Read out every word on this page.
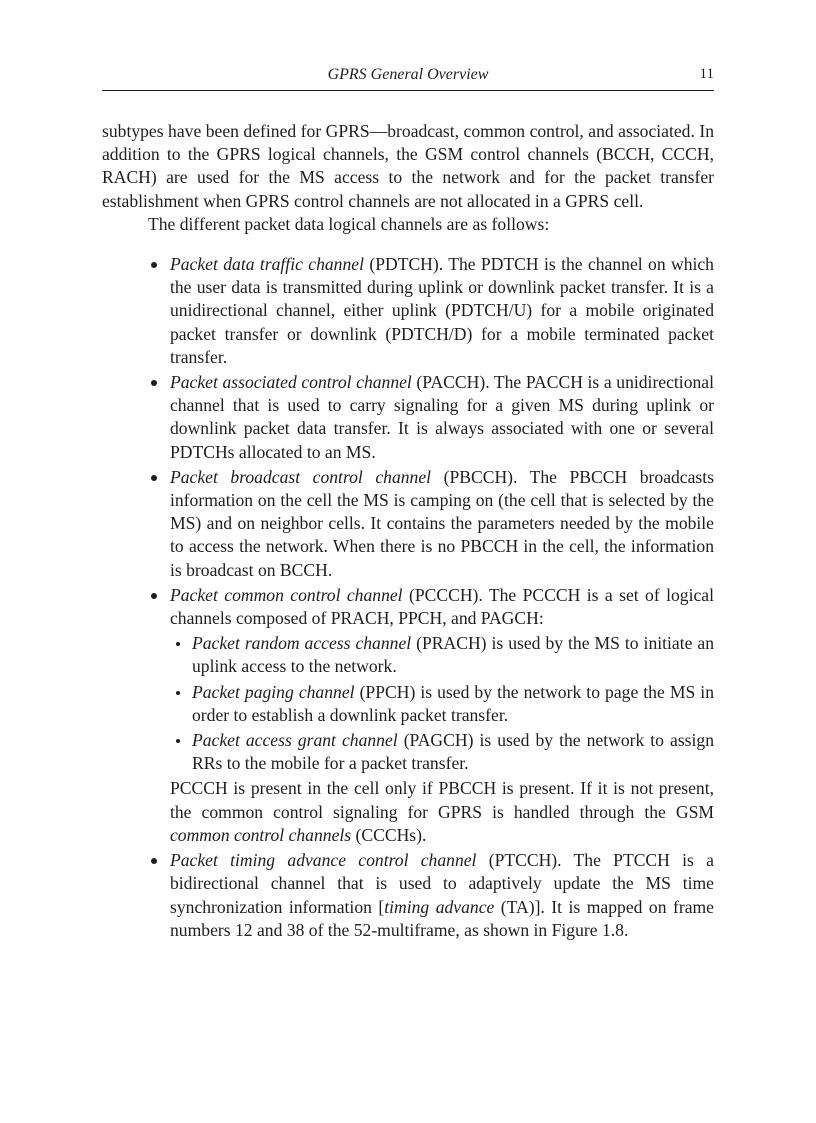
GPRS General Overview	11

subtypes have been defined for GPRS—broadcast, common control, and associated. In addition to the GPRS logical channels, the GSM control channels (BCCH, CCCH, RACH) are used for the MS access to the network and for the packet transfer establishment when GPRS control channels are not allocated in a GPRS cell.

The different packet data logical channels are as follows:

Packet data traffic channel (PDTCH). The PDTCH is the channel on which the user data is transmitted during uplink or downlink packet transfer. It is a unidirectional channel, either uplink (PDTCH/U) for a mobile originated packet transfer or downlink (PDTCH/D) for a mobile terminated packet transfer.
Packet associated control channel (PACCH). The PACCH is a unidirectional channel that is used to carry signaling for a given MS during uplink or downlink packet data transfer. It is always associated with one or several PDTCHs allocated to an MS.
Packet broadcast control channel (PBCCH). The PBCCH broadcasts information on the cell the MS is camping on (the cell that is selected by the MS) and on neighbor cells. It contains the parameters needed by the mobile to access the network. When there is no PBCCH in the cell, the information is broadcast on BCCH.
Packet common control channel (PCCCH). The PCCCH is a set of logical channels composed of PRACH, PPCH, and PAGCH:
Packet random access channel (PRACH) is used by the MS to initiate an uplink access to the network.
Packet paging channel (PPCH) is used by the network to page the MS in order to establish a downlink packet transfer.
Packet access grant channel (PAGCH) is used by the network to assign RRs to the mobile for a packet transfer.

PCCCH is present in the cell only if PBCCH is present. If it is not present, the common control signaling for GPRS is handled through the GSM common control channels (CCCHs).

Packet timing advance control channel (PTCCH). The PTCCH is a bidirectional channel that is used to adaptively update the MS time synchronization information [timing advance (TA)]. It is mapped on frame numbers 12 and 38 of the 52-multiframe, as shown in Figure 1.8.
